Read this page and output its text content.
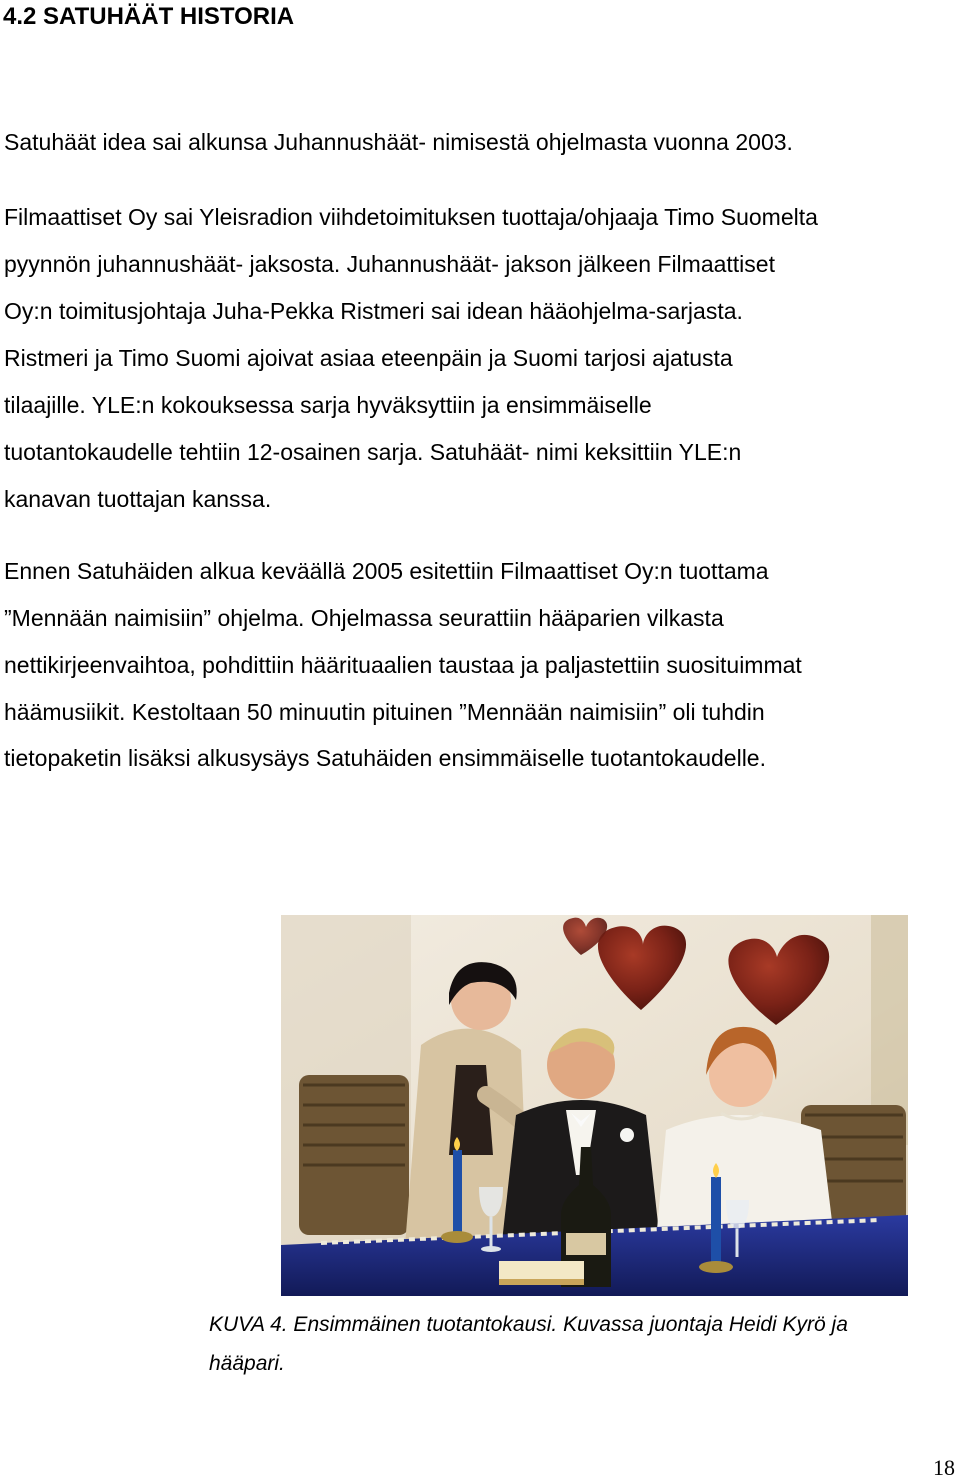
4.2 SATUHÄÄT HISTORIA

Satuhäät idea sai alkunsa Juhannushäät- nimisestä ohjelmasta vuonna 2003.

Filmaattiset Oy sai Yleisradion viihdetoimituksen tuottaja/ohjaaja Timo Suomelta

pyynnön juhannushäät- jaksosta. Juhannushäät- jakson jälkeen Filmaattiset

Oy:n toimitusjohtaja Juha-Pekka Ristmeri sai idean hääohjelma-sarjasta.

Ristmeri ja Timo Suomi ajoivat asiaa eteenpäin ja Suomi tarjosi ajatusta

tilaajille. YLE:n kokouksessa sarja hyväksyttiin ja ensimmäiselle

tuotantokaudelle tehtiin 12-osainen sarja. Satuhäät- nimi keksittiin YLE:n

kanavan tuottajan kanssa.

Ennen Satuhäiden alkua keväällä 2005 esitettiin Filmaattiset Oy:n tuottama

”Mennään naimisiin” ohjelma. Ohjelmassa seurattiin hääparien vilkasta

nettikirjeenvaihtoa, pohdittiin häärituaalien taustaa ja paljastettiin suosituimmat

häämusiikit. Kestoltaan 50 minuutin pituinen ”Mennään naimisiin” oli tuhdin

tietopaketin lisäksi alkusysäys Satuhäiden ensimmäiselle tuotantokaudelle.

KUVA 4. Ensimmäinen tuotantokausi. Kuvassa juontaja Heidi Kyrö ja

hääpari.

18
